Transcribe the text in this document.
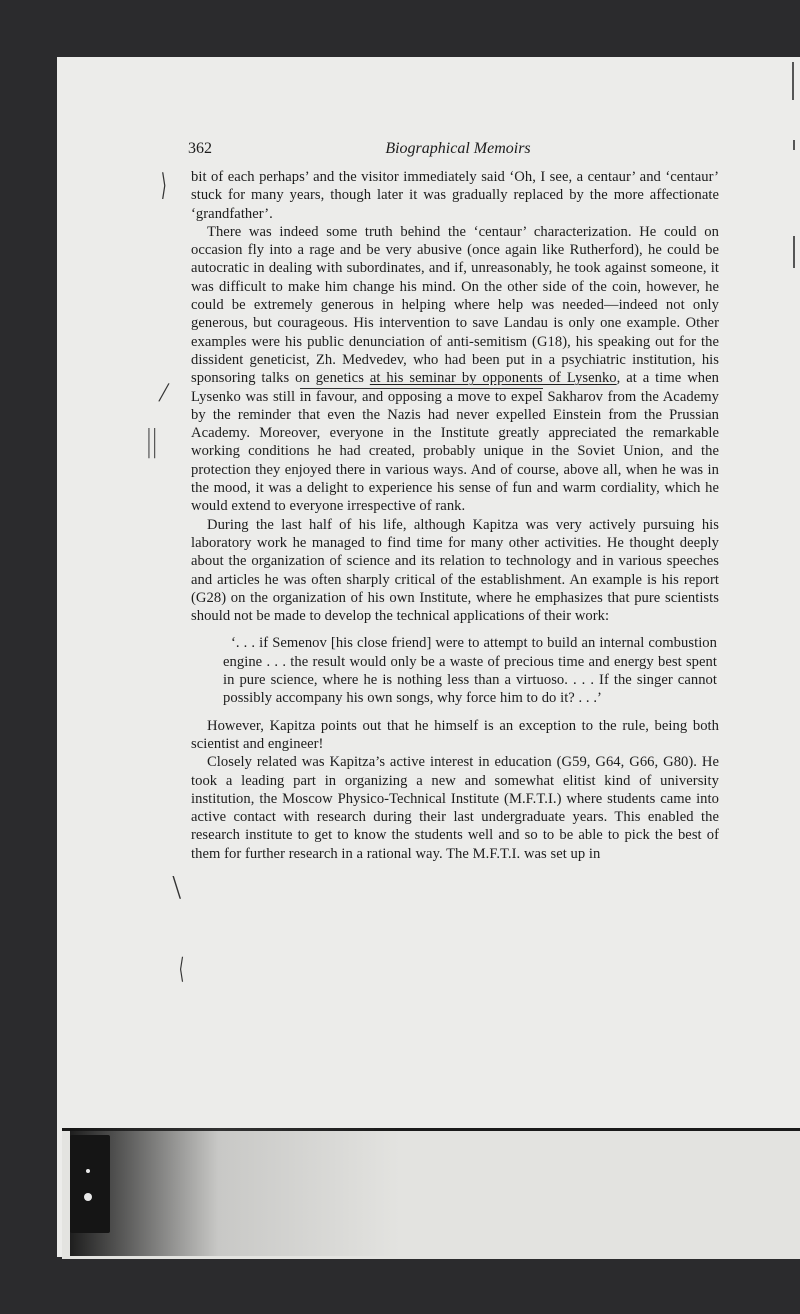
362	Biographical Memoirs
⟩
/
||
\
⟨

bit of each perhaps’ and the visitor immediately said ‘Oh, I see, a centaur’ and ‘centaur’ stuck for many years, though later it was gradually replaced by the more affectionate ‘grandfather’.

There was indeed some truth behind the ‘centaur’ characterization. He could on occasion fly into a rage and be very abusive (once again like Rutherford), he could be autocratic in dealing with subordinates, and if, unreasonably, he took against someone, it was difficult to make him change his mind. On the other side of the coin, however, he could be extremely generous in helping where help was needed—indeed not only generous, but courageous. His intervention to save Landau is only one example. Other examples were his public denunciation of anti-semitism (G18), his speaking out for the dissident geneticist, Zh. Medvedev, who had been put in a psychiatric institution, his sponsoring talks on genetics at his seminar by opponents of Lysenko, at a time when Lysenko was still in favour, and opposing a move to expel Sakharov from the Academy by the reminder that even the Nazis had never expelled Einstein from the Prussian Academy. Moreover, everyone in the Institute greatly appreciated the remarkable working conditions he had created, probably unique in the Soviet Union, and the protection they enjoyed there in various ways. And of course, above all, when he was in the mood, it was a delight to experience his sense of fun and warm cordiality, which he would extend to everyone irrespective of rank.

During the last half of his life, although Kapitza was very actively pursuing his laboratory work he managed to find time for many other activities. He thought deeply about the organization of science and its relation to technology and in various speeches and articles he was often sharply critical of the establishment. An example is his report (G28) on the organization of his own Institute, where he emphasizes that pure scientists should not be made to develop the technical applications of their work:

‘. . . if Semenov [his close friend] were to attempt to build an internal combustion engine . . . the result would only be a waste of precious time and energy best spent in pure science, where he is nothing less than a virtuoso. . . . If the singer cannot possibly accompany his own songs, why force him to do it? . . .’

However, Kapitza points out that he himself is an exception to the rule, being both scientist and engineer!

Closely related was Kapitza’s active interest in education (G59, G64, G66, G80). He took a leading part in organizing a new and somewhat elitist kind of university institution, the Moscow Physico-Technical Institute (M.F.T.I.) where students came into active contact with research during their last undergraduate years. This enabled the research institute to get to know the students well and so to be able to pick the best of them for further research in a rational way. The M.F.T.I. was set up in
